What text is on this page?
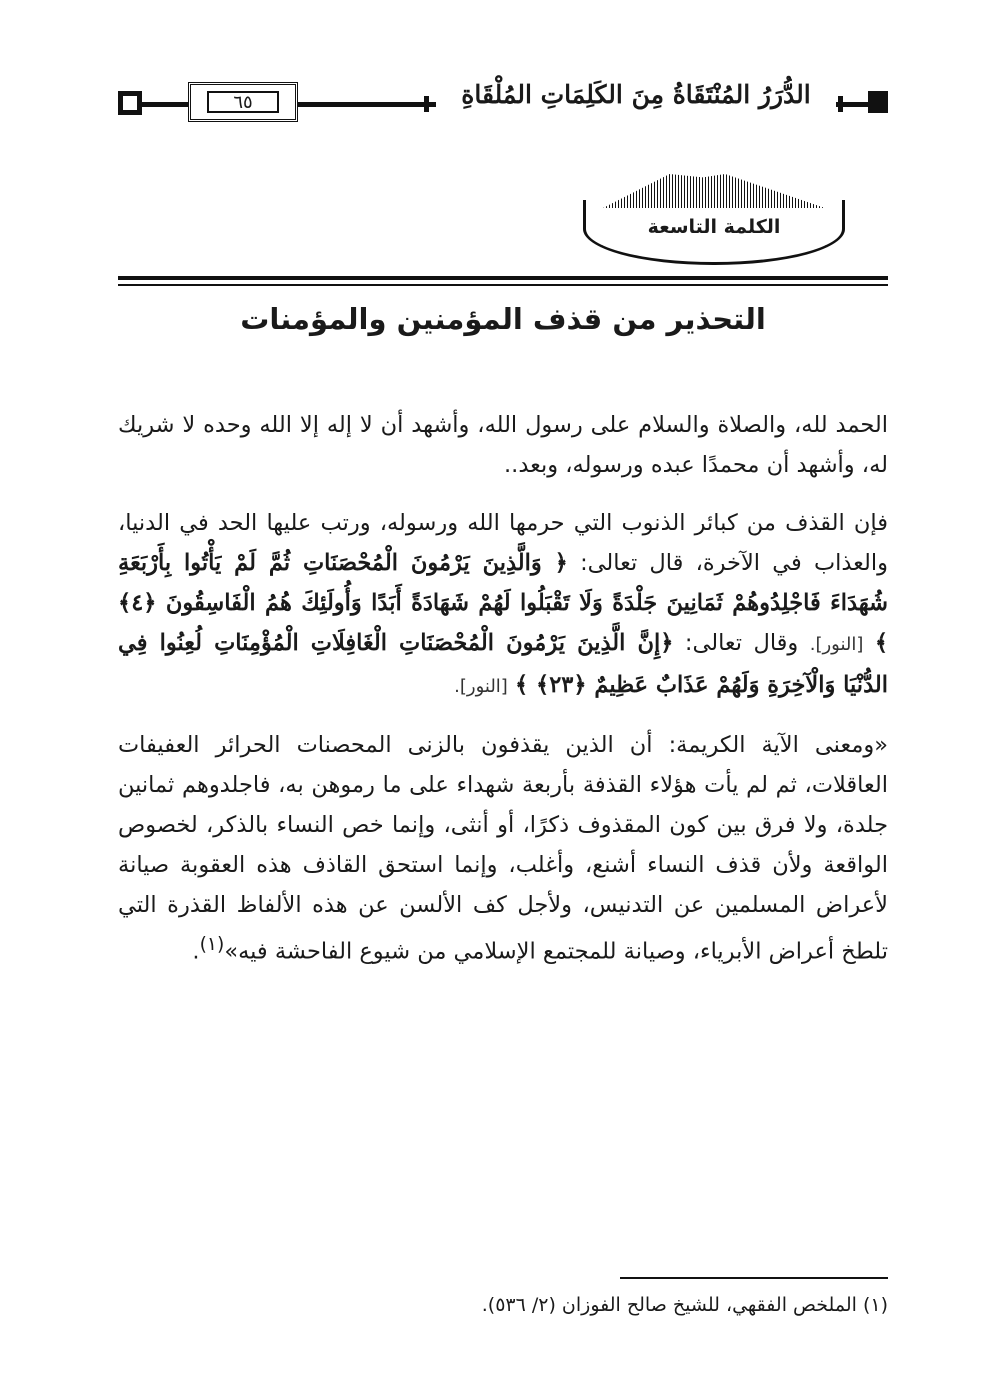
٦٥	الدُّرَرُ المُنْتَقَاةُ مِنَ الكَلِمَاتِ المُلْقَاةِ
الكلمة التاسعة
التحذير من قذف المؤمنين والمؤمنات

الحمد لله، والصلاة والسلام على رسول الله، وأشهد أن لا إله إلا الله وحده لا شريك له، وأشهد أن محمدًا عبده ورسوله، وبعد..

فإن القذف من كبائر الذنوب التي حرمها الله ورسوله، ورتب عليها الحد في الدنيا، والعذاب في الآخرة، قال تعالى: ﴿ وَالَّذِينَ يَرْمُونَ الْمُحْصَنَاتِ ثُمَّ لَمْ يَأْتُوا بِأَرْبَعَةِ شُهَدَاءَ فَاجْلِدُوهُمْ ثَمَانِينَ جَلْدَةً وَلَا تَقْبَلُوا لَهُمْ شَهَادَةً أَبَدًا وَأُولَئِكَ هُمُ الْفَاسِقُونَ ﴿٤﴾ ﴾ [النور]. وقال تعالى: ﴿إِنَّ الَّذِينَ يَرْمُونَ الْمُحْصَنَاتِ الْغَافِلَاتِ الْمُؤْمِنَاتِ لُعِنُوا فِي الدُّنْيَا وَالْآخِرَةِ وَلَهُمْ عَذَابٌ عَظِيمٌ ﴿٢٣﴾ ﴾ [النور].

«ومعنى الآية الكريمة: أن الذين يقذفون بالزنى المحصنات الحرائر العفيفات العاقلات، ثم لم يأت هؤلاء القذفة بأربعة شهداء على ما رموهن به، فاجلدوهم ثمانين جلدة، ولا فرق بين كون المقذوف ذكرًا، أو أنثى، وإنما خص النساء بالذكر، لخصوص الواقعة ولأن قذف النساء أشنع، وأغلب، وإنما استحق القاذف هذه العقوبة صيانة لأعراض المسلمين عن التدنيس، ولأجل كف الألسن عن هذه الألفاظ القذرة التي تلطخ أعراض الأبرياء، وصيانة للمجتمع الإسلامي من شيوع الفاحشة فيه»$^{(١)}$.

(١) الملخص الفقهي، للشيخ صالح الفوزان (٢/ ٥٣٦).
